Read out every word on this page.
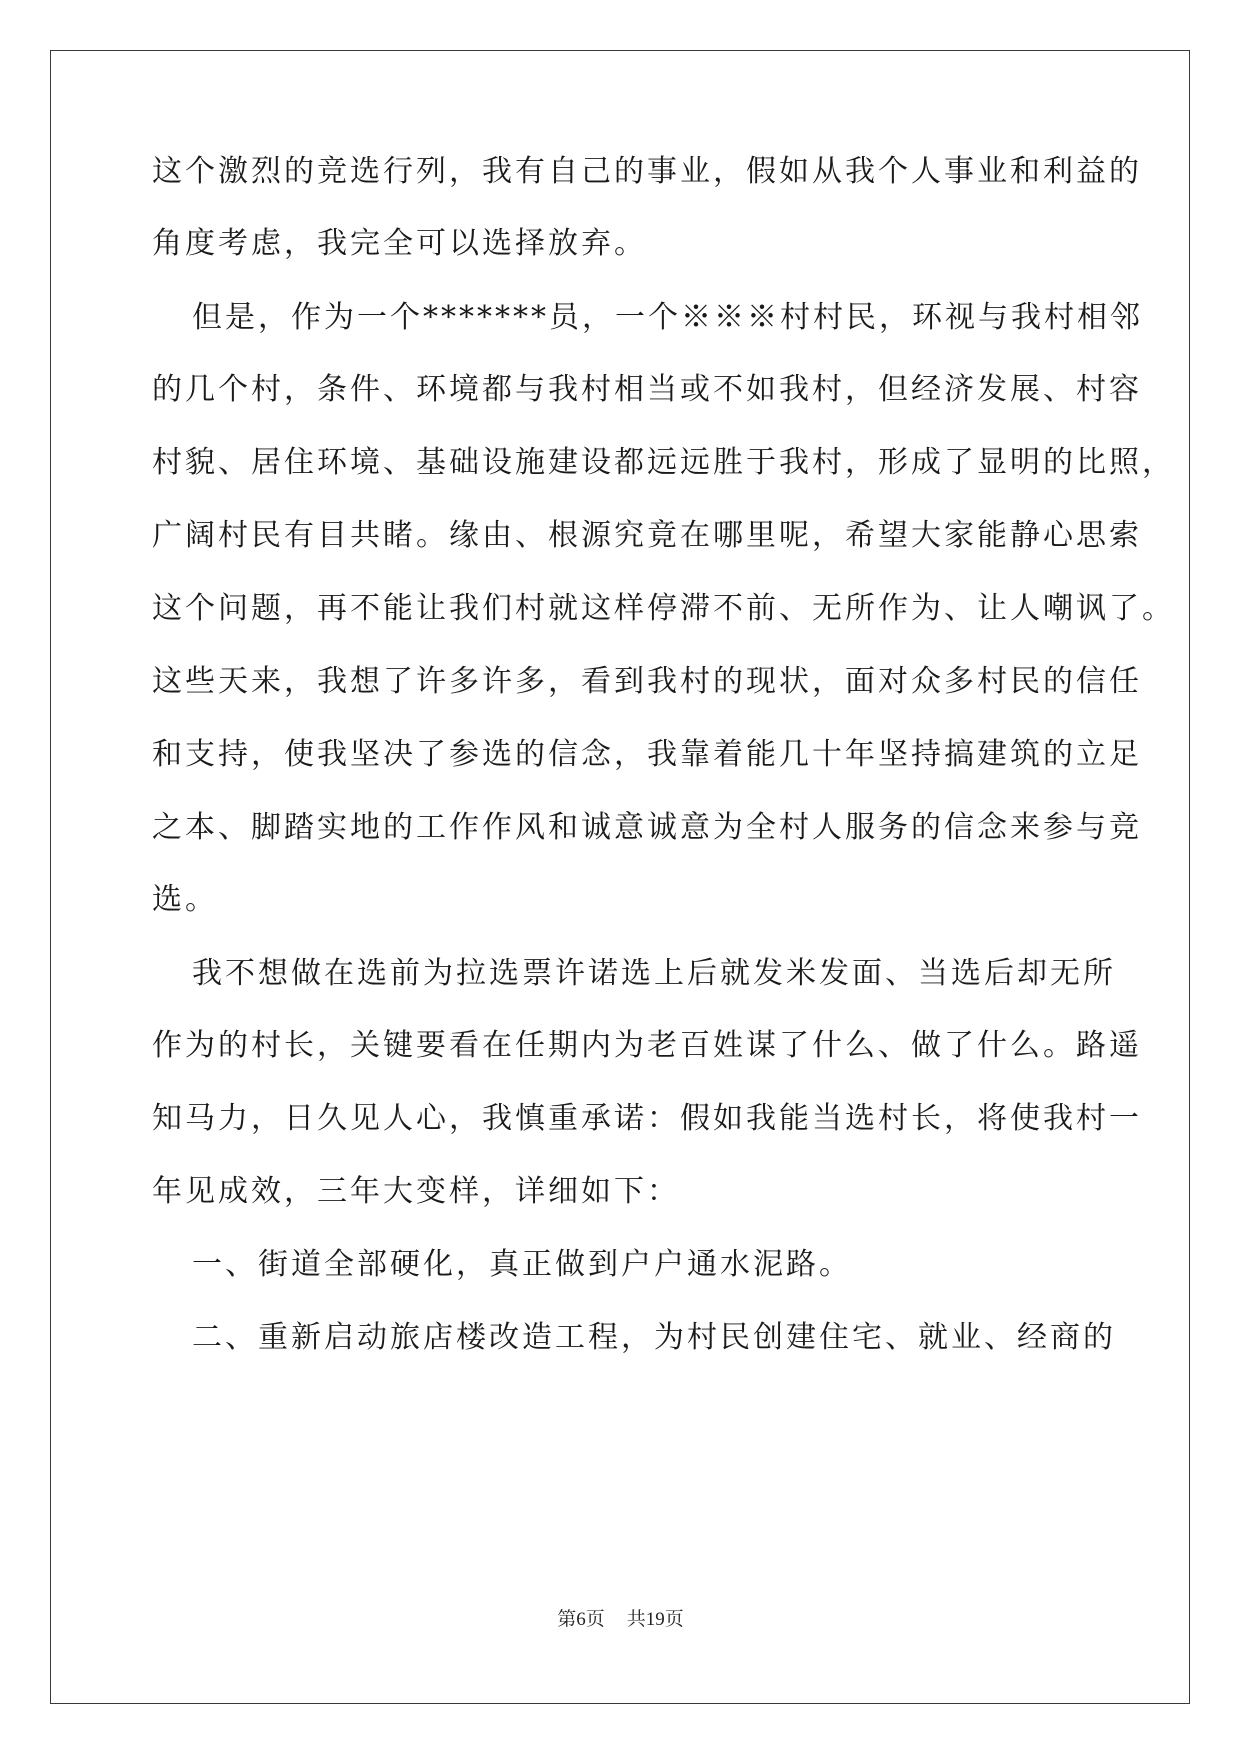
这个激烈的竞选行列，我有自己的事业，假如从我个人事业和利益的
角度考虑，我完全可以选择放弃。
但是，作为一个*******员，一个※※※村村民，环视与我村相邻
的几个村，条件、环境都与我村相当或不如我村，但经济发展、村容
村貌、居住环境、基础设施建设都远远胜于我村，形成了显明的比照，
广阔村民有目共睹。缘由、根源究竟在哪里呢，希望大家能静心思索
这个问题，再不能让我们村就这样停滞不前、无所作为、让人嘲讽了。
这些天来，我想了许多许多，看到我村的现状，面对众多村民的信任
和支持，使我坚决了参选的信念，我靠着能几十年坚持搞建筑的立足
之本、脚踏实地的工作作风和诚意诚意为全村人服务的信念来参与竞
选。
我不想做在选前为拉选票许诺选上后就发米发面、当选后却无所
作为的村长，关键要看在任期内为老百姓谋了什么、做了什么。路遥
知马力，日久见人心，我慎重承诺：假如我能当选村长，将使我村一
年见成效，三年大变样，详细如下：
一、街道全部硬化，真正做到户户通水泥路。
二、重新启动旅店楼改造工程，为村民创建住宅、就业、经商的
第6页 共19页
